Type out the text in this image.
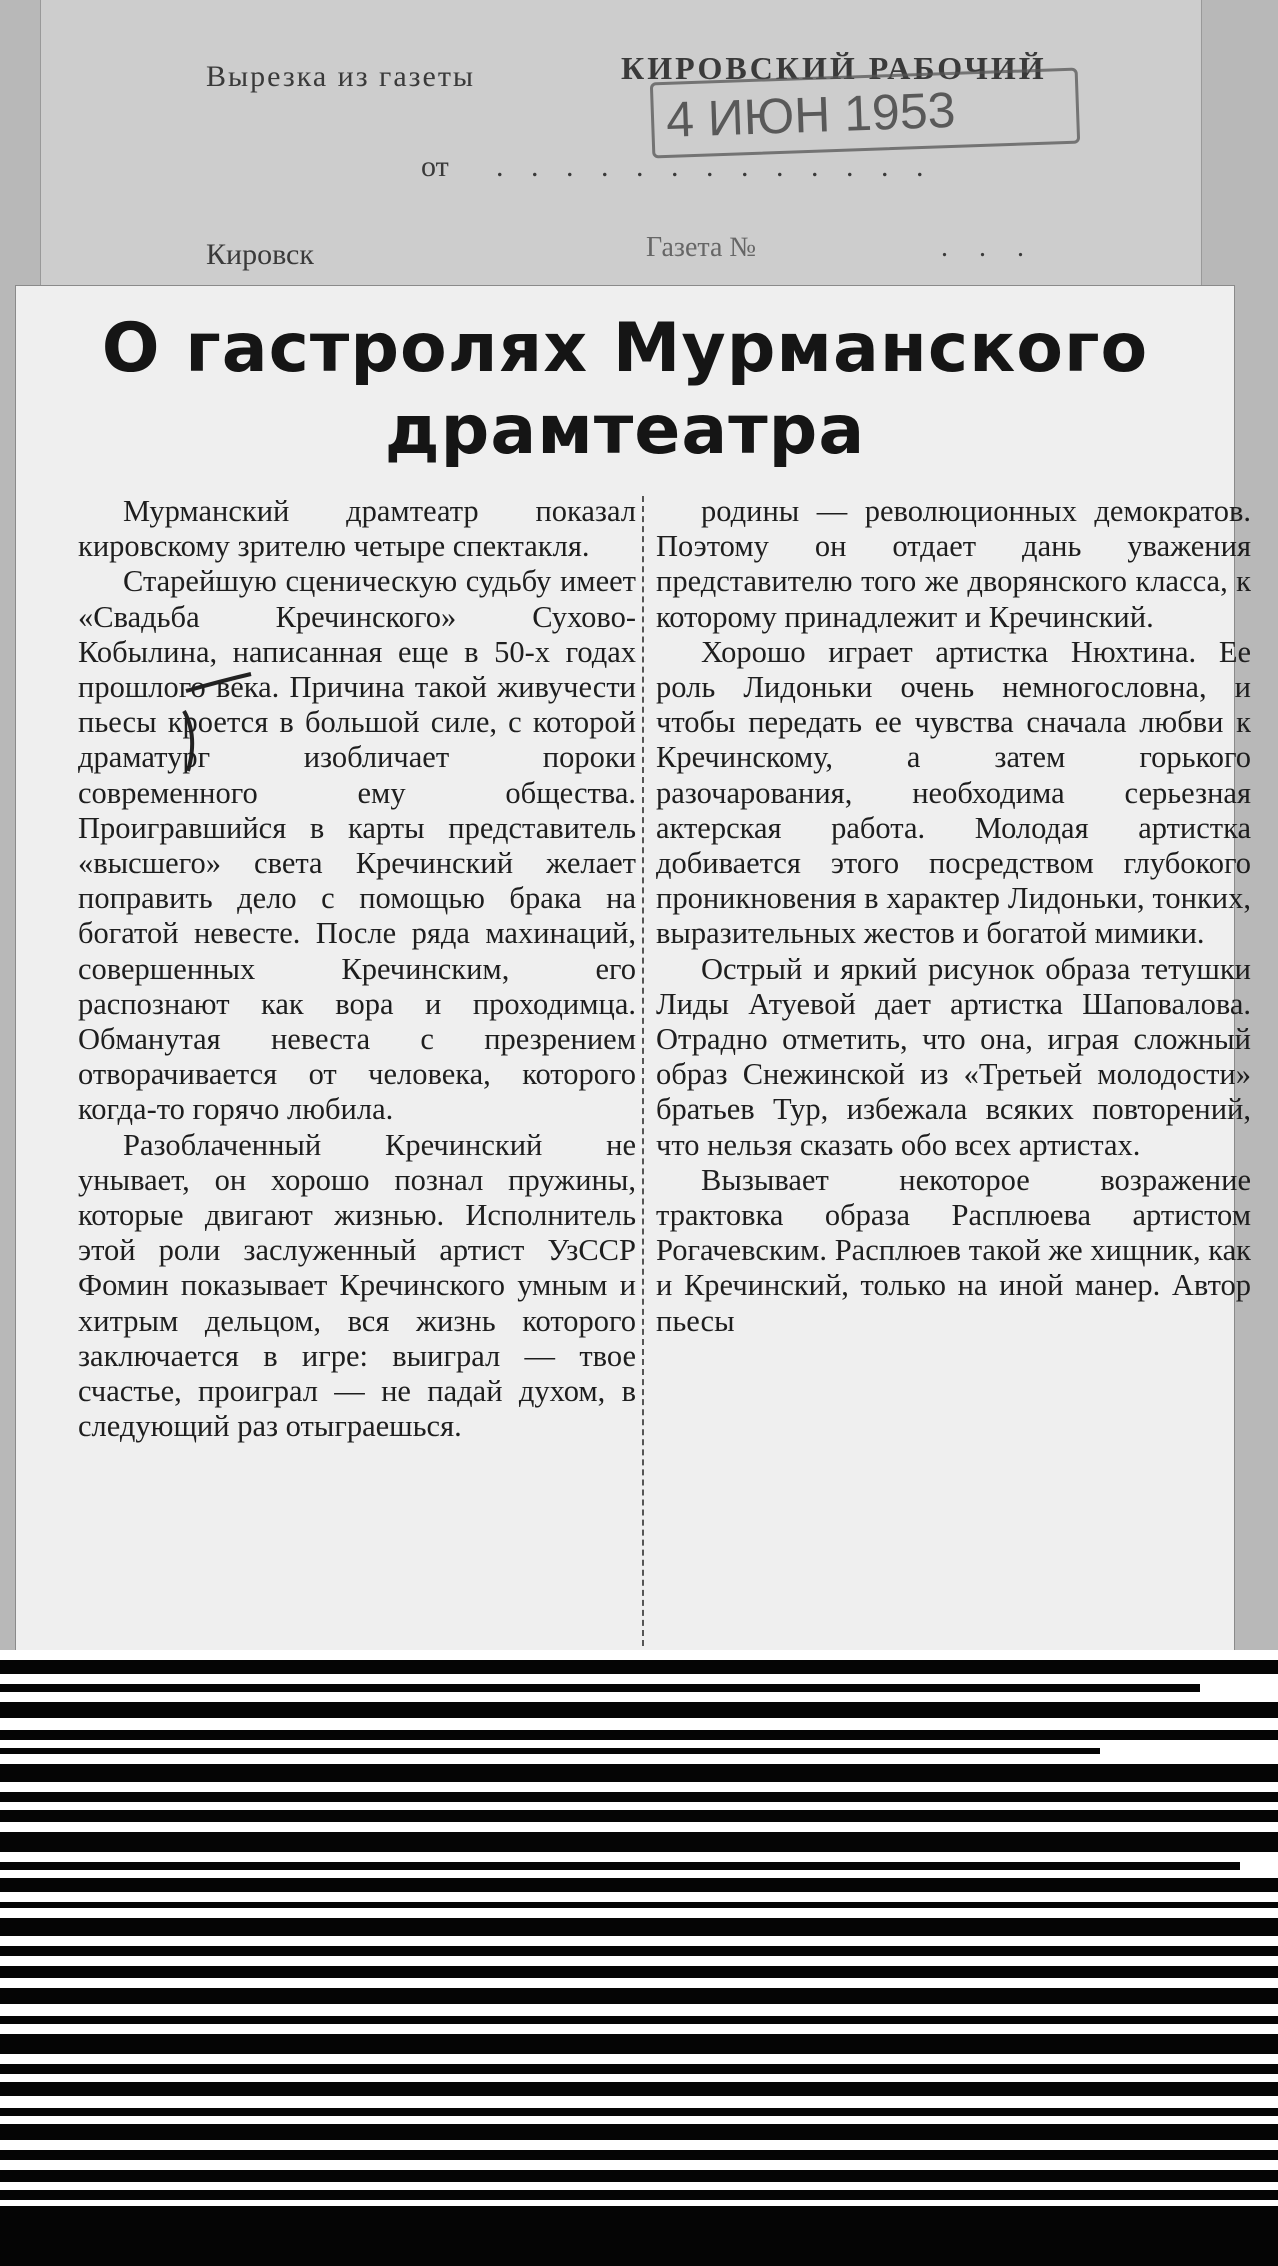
Вырезка из газеты	КИРОВСКИЙ РАБОЧИЙ
4 ИЮН 1953
от . . . . . . . . . . . . .
Кировск	Газета №	. . .
О гастролях Мурманского драмтеатра

Мурманский драмтеатр показал кировскому зрителю четыре спектакля.

Старейшую сценическую судьбу имеет «Свадьба Кречинского» Сухово-Кобылина, написанная еще в 50-х годах прошлого века. Причина такой живучести пьесы кроется в большой силе, с которой драматург изобличает пороки современного ему общества. Проигравшийся в карты представитель «высшего» света Кречинский желает поправить дело с помощью брака на богатой невесте. После ряда махинаций, совершенных Кречинским, его распознают как вора и проходимца. Обманутая невеста с презрением отворачивается от человека, которого когда-то горячо любила.

Разоблаченный Кречинский не унывает, он хорошо познал пружины, которые двигают жизнью. Исполнитель этой роли заслуженный артист УзССР Фомин показывает Кречинского умным и хитрым дельцом, вся жизнь которого заключается в игре: выиграл — твое счастье, проиграл — не падай духом, в следующий раз отыграешься.

родины — революционных демократов. Поэтому он отдает дань уважения представителю того же дворянского класса, к которому принадлежит и Кречинский.

Хорошо играет артистка Нюхтина. Ее роль Лидоньки очень немногословна, и чтобы передать ее чувства сначала любви к Кречинскому, а затем горького разочарования, необходима серьезная актерская работа. Молодая артистка добивается этого посредством глубокого проникновения в характер Лидоньки, тонких, выразительных жестов и богатой мимики.

Острый и яркий рисунок образа тетушки Лиды Атуевой дает артистка Шаповалова. Отрадно отметить, что она, играя сложный образ Снежинской из «Третьей молодости» братьев Тур, избежала всяких повторений, что нельзя сказать обо всех артистах.

Вызывает некоторое возражение трактовка образа Расплюева артистом Рогачевским. Расплюев такой же хищник, как и Кречинский, только на иной манер. Автор пьесы
